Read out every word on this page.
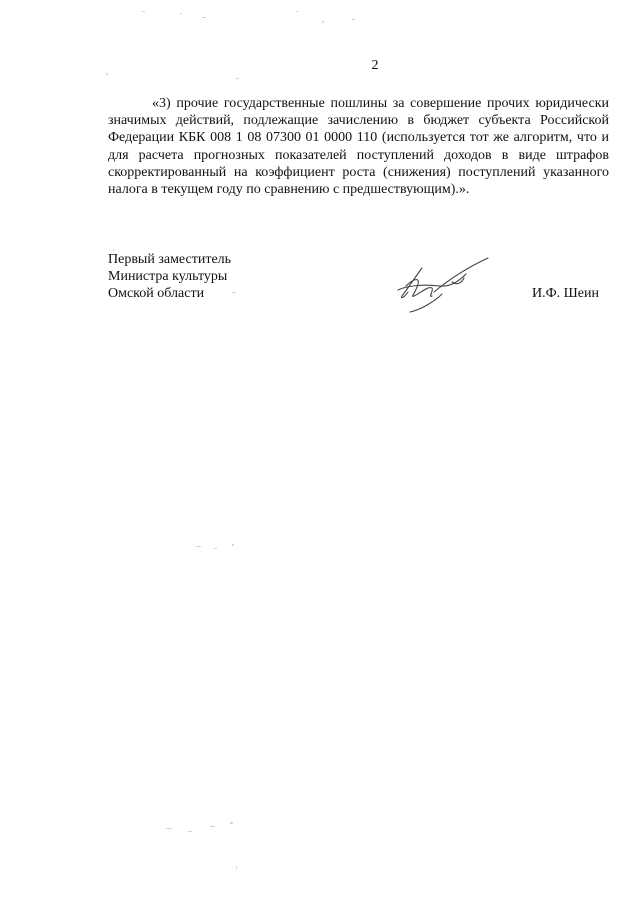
2

«3) прочие государственные пошлины за совершение прочих юридически значимых действий, подлежащие зачислению в бюджет субъекта Российской Федерации КБК 008 1 08 07300 01 0000 110 (используется тот же алгоритм, что и для расчета прогнозных показателей поступлений доходов в виде штрафов скорректированный на коэффициент роста (снижения) поступлений указанного налога в текущем году по сравнению с предшествующим).».

Первый заместитель
Министра культуры
Омской области	И.Ф. Шеин
